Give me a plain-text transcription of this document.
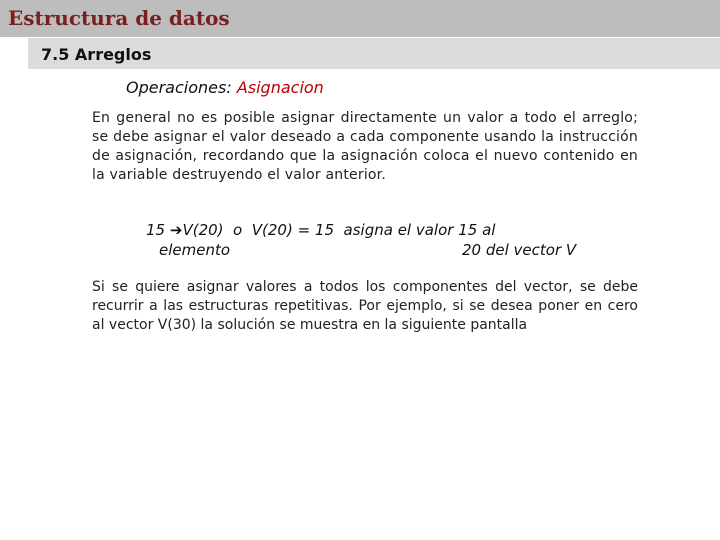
Estructura de datos
7.5 Arreglos
Operaciones: Asignacion
En general no es posible asignar directamente un valor a todo el arreglo; se debe asignar el valor deseado a cada componente usando la instrucción de asignación, recordando que la asignación coloca el nuevo contenido en la variable destruyendo el valor anterior.
15 ➔V(20)  o  V(20) = 15  asigna el valor 15 al
elemento	20 del vector V
Si se quiere asignar valores a todos los componentes del vector, se debe recurrir a las estructuras repetitivas. Por ejemplo, si se desea poner en cero al vector V(30) la solución se muestra en la siguiente pantalla
